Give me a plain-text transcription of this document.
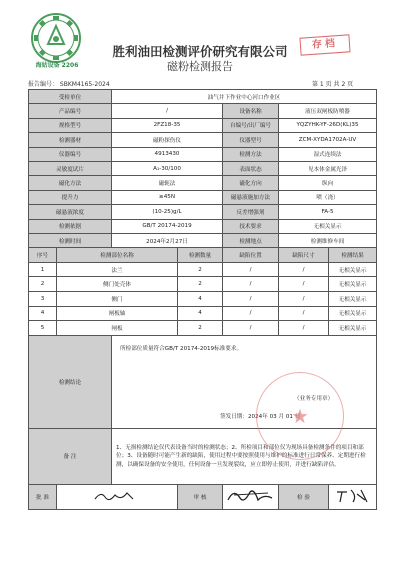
海姑设备 2206
胜利油田检测评价研究有限公司
磁粉检测报告
存档
报告编号： SBKM4165-2024	第 1 页 共 2 页
受检单位		油气井下作业中心河口作业区				
产品编号		/		设备名称	液压双闸板防喷器	
规格型号		2FZ18-35		自编号/出厂编号	YQZYHK-YF-26D(KL)35	
检测器材		磁粉探伤仪		仪器型号	ZCM-XYDA1702A-UV	
仪器编号		4913430		检测方法	湿式连续法	
灵敏度试片		A₁-30/100		表面状态	见本体金属光泽	
磁化方法		磁轭法		磁化方向	纵向	
提升力		≥45N		磁悬液施加方法	喷（浇）	
磁悬液浓度		(10-25)g/L		反差增强剂	FA-5	
检测依据		GB/T 20174-2019		技术要求	无相关显示	
检测时间		2024年2月27日		检测地点	检测维修车间	
序号	检测部位名称		检测数量	缺陷位置	缺陷尺寸	检测结果
1	法兰		2	/	/	无相关显示
2	侧门处壳体		2	/	/	无相关显示
3	侧门		4	/	/	无相关显示
4	闸板轴		4	/	/	无相关显示
5	闸板		2	/	/	无相关显示
检测结论		所检部位质量符合GB/T 20174-2019标准要求。
（业务专用章）
签发日期：2024年 03 月 01 日				

备 注		1、无损检测结论仅代表设备当时的检测状态；2、所检项目和部位仅为现场具备检测条件的项目和部位；3、设备随时可能产生新的缺陷，使用过程中要按照使用与维护的标准进行日常保养、定期进行检测，以确保设备的安全使用，任何设备一旦发现裂纹，应立即停止使用，并进行缺陷评估。				
批 准			审 核		检 验	
★
